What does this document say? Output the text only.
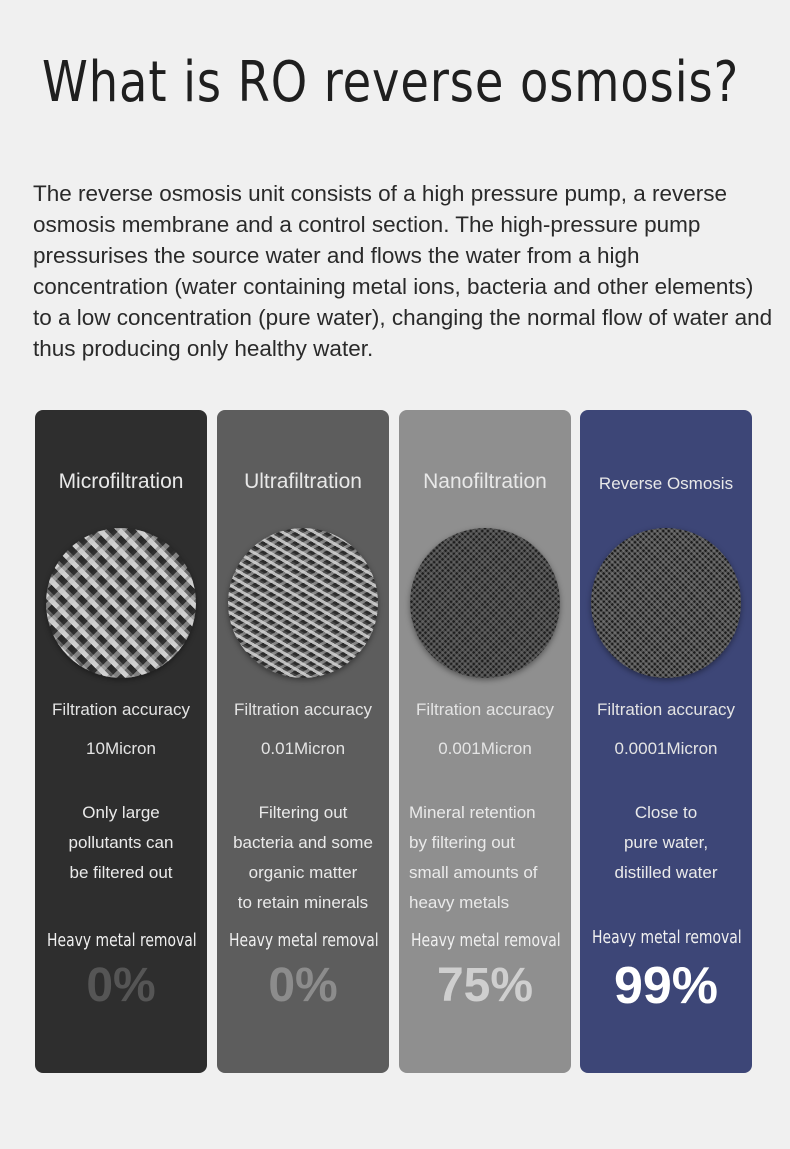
What is RO reverse osmosis?

The reverse osmosis unit consists of a high pressure pump, a reverse osmosis membrane and a control section. The high-pressure pump pressurises the source water and flows the water from a high concentration (water containing metal ions, bacteria and other elements) to a low concentration (pure water), changing the normal flow of water and thus producing only healthy water.

Microfiltration
Filtration accuracy
10Micron
Only large
pollutants can
be filtered out
Heavy metal removal
0%
Ultrafiltration
Filtration accuracy
0.01Micron
Filtering out
bacteria and some
organic matter
to retain minerals
Heavy metal removal
0%
Nanofiltration
Filtration accuracy
0.001Micron
Mineral retention
by filtering out
small amounts of
heavy metals
Heavy metal removal
75%
Reverse Osmosis
Filtration accuracy
0.0001Micron
Close to
pure water,
distilled water
Heavy metal removal
99%
